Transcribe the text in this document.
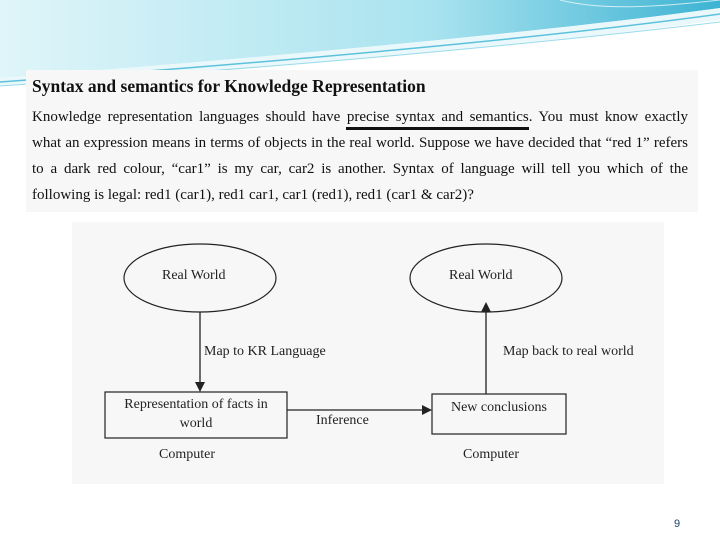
Syntax and semantics for Knowledge Representation
Knowledge representation languages should have precise syntax and semantics. You must know exactly what an expression means in terms of objects in the real world. Suppose we have decided that “red 1” refers to a dark red colour, “car1” is my car, car2 is another. Syntax of language will tell you which of the following is legal: red1 (car1), red1 car1, car1 (red1), red1 (car1 & car2)?
Real World	Real World
Map to KR Language	Map back to real world
Representation of facts in world
New conclusions
Inference
Computer	Computer
9
